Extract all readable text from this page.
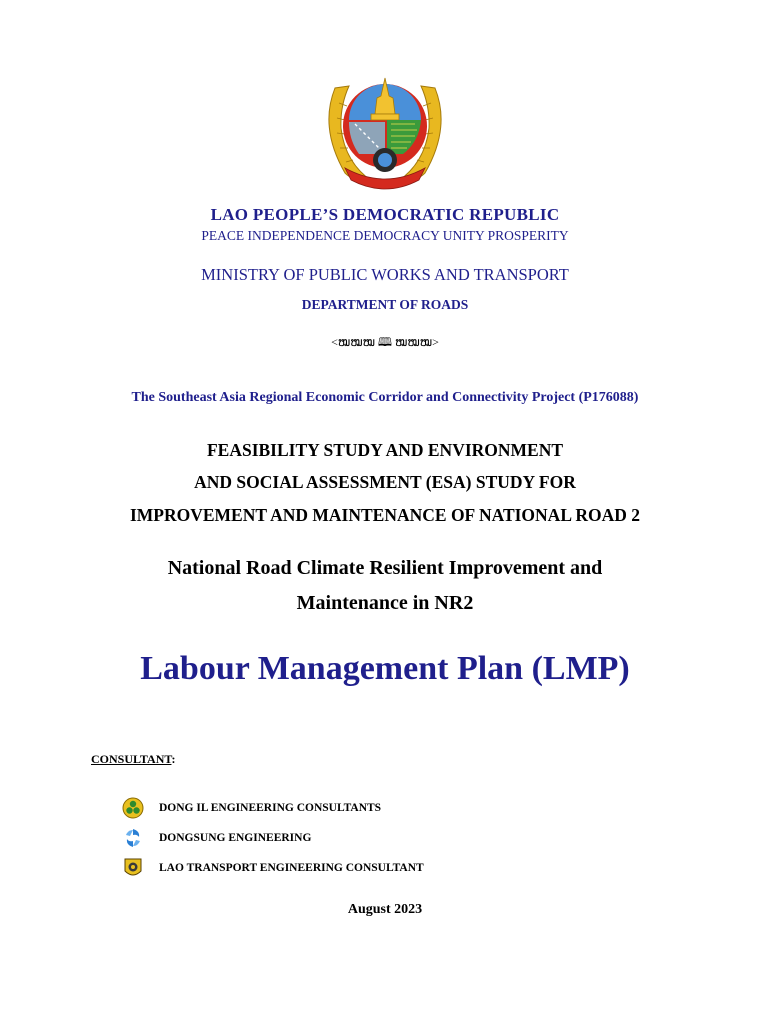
LAO PEOPLE’S DEMOCRATIC REPUBLIC
PEACE INDEPENDENCE DEMOCRACY UNITY PROSPERITY
MINISTRY OF PUBLIC WORKS AND TRANSPORT
DEPARTMENT OF ROADS
<ໝໝໝ 🕮 ໝໝໝ>
The Southeast Asia Regional Economic Corridor and Connectivity Project (P176088)
FEASIBILITY STUDY AND ENVIRONMENT
AND SOCIAL ASSESSMENT (ESA) STUDY FOR
IMPROVEMENT AND MAINTENANCE OF NATIONAL ROAD 2
National Road Climate Resilient Improvement and
Maintenance in NR2
Labour Management Plan (LMP)
CONSULTANT:
DONG IL ENGINEERING CONSULTANTS
DONGSUNG ENGINEERING
LAO TRANSPORT ENGINEERING CONSULTANT
August 2023
